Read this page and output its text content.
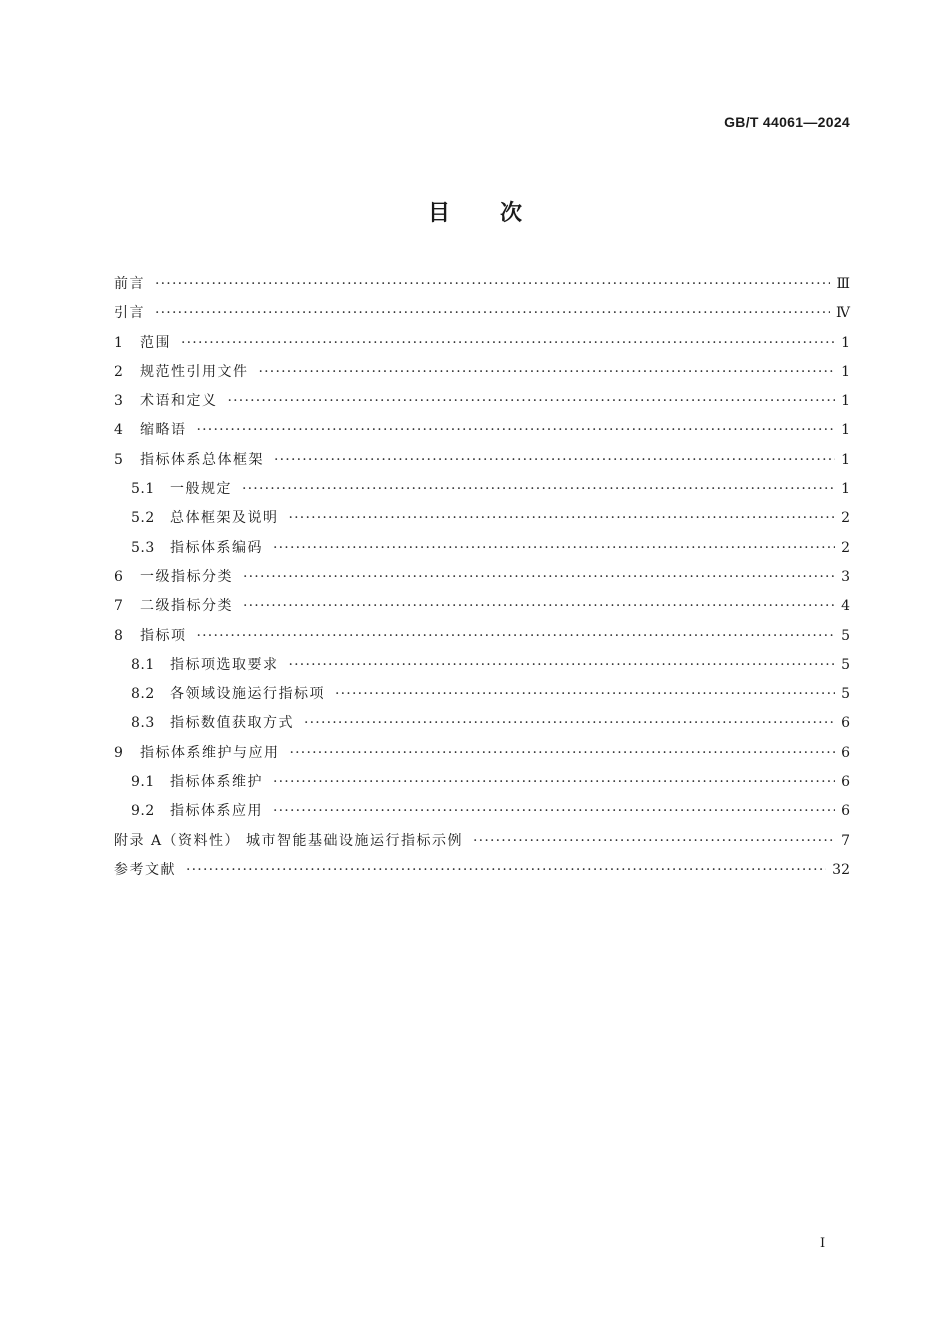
GB/T 44061—2024
目次
前言 ·····	Ⅲ
引言 ·····	Ⅳ
1	范围 ·····	1
2	规范性引用文件 ·····	1
3	术语和定义 ·····	1
4	缩略语 ·····	1
5	指标体系总体框架 ·····	1
5.1	一般规定 ·····	1
5.2	总体框架及说明 ·····	2
5.3	指标体系编码 ·····	2
6	一级指标分类 ·····	3
7	二级指标分类 ·····	4
8	指标项 ·····	5
8.1	指标项选取要求 ·····	5
8.2	各领域设施运行指标项 ·····	5
8.3	指标数值获取方式 ·····	6
9	指标体系维护与应用 ·····	6
9.1	指标体系维护 ·····	6
9.2	指标体系应用 ·····	6
附录 A（资料性） 城市智能基础设施运行指标示例 ·····	7
参考文献 ·····	32
Ⅰ
